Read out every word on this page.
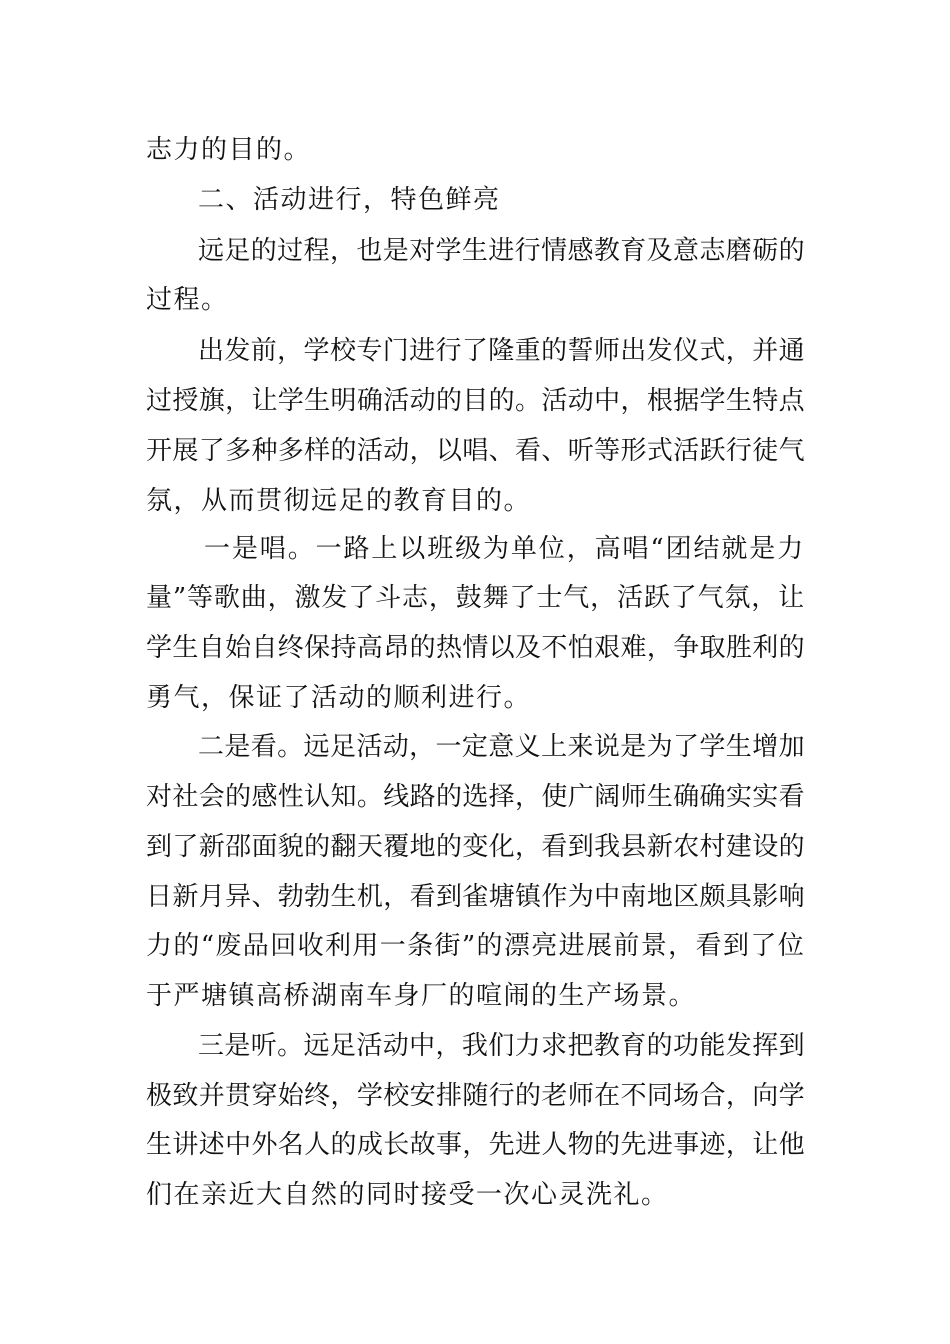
志力的目的。
二、活动进行，特色鲜亮
远足的过程，也是对学生进行情感教育及意志磨砺的
过程。
出发前，学校专门进行了隆重的誓师出发仪式，并通
过授旗，让学生明确活动的目的。活动中，根据学生特点
开展了多种多样的活动，以唱、看、听等形式活跃行徒气
氛，从而贯彻远足的教育目的。
一是唱。一路上以班级为单位，高唱“团结就是力
量”等歌曲，激发了斗志，鼓舞了士气，活跃了气氛，让
学生自始自终保持高昂的热情以及不怕艰难，争取胜利的
勇气，保证了活动的顺利进行。
二是看。远足活动，一定意义上来说是为了学生增加
对社会的感性认知。线路的选择，使广阔师生确确实实看
到了新邵面貌的翻天覆地的变化，看到我县新农村建设的
日新月异、勃勃生机，看到雀塘镇作为中南地区颇具影响
力的“废品回收利用一条街”的漂亮进展前景，看到了位
于严塘镇高桥湖南车身厂的喧闹的生产场景。
三是听。远足活动中，我们力求把教育的功能发挥到
极致并贯穿始终，学校安排随行的老师在不同场合，向学
生讲述中外名人的成长故事，先进人物的先进事迹，让他
们在亲近大自然的同时接受一次心灵洗礼。
